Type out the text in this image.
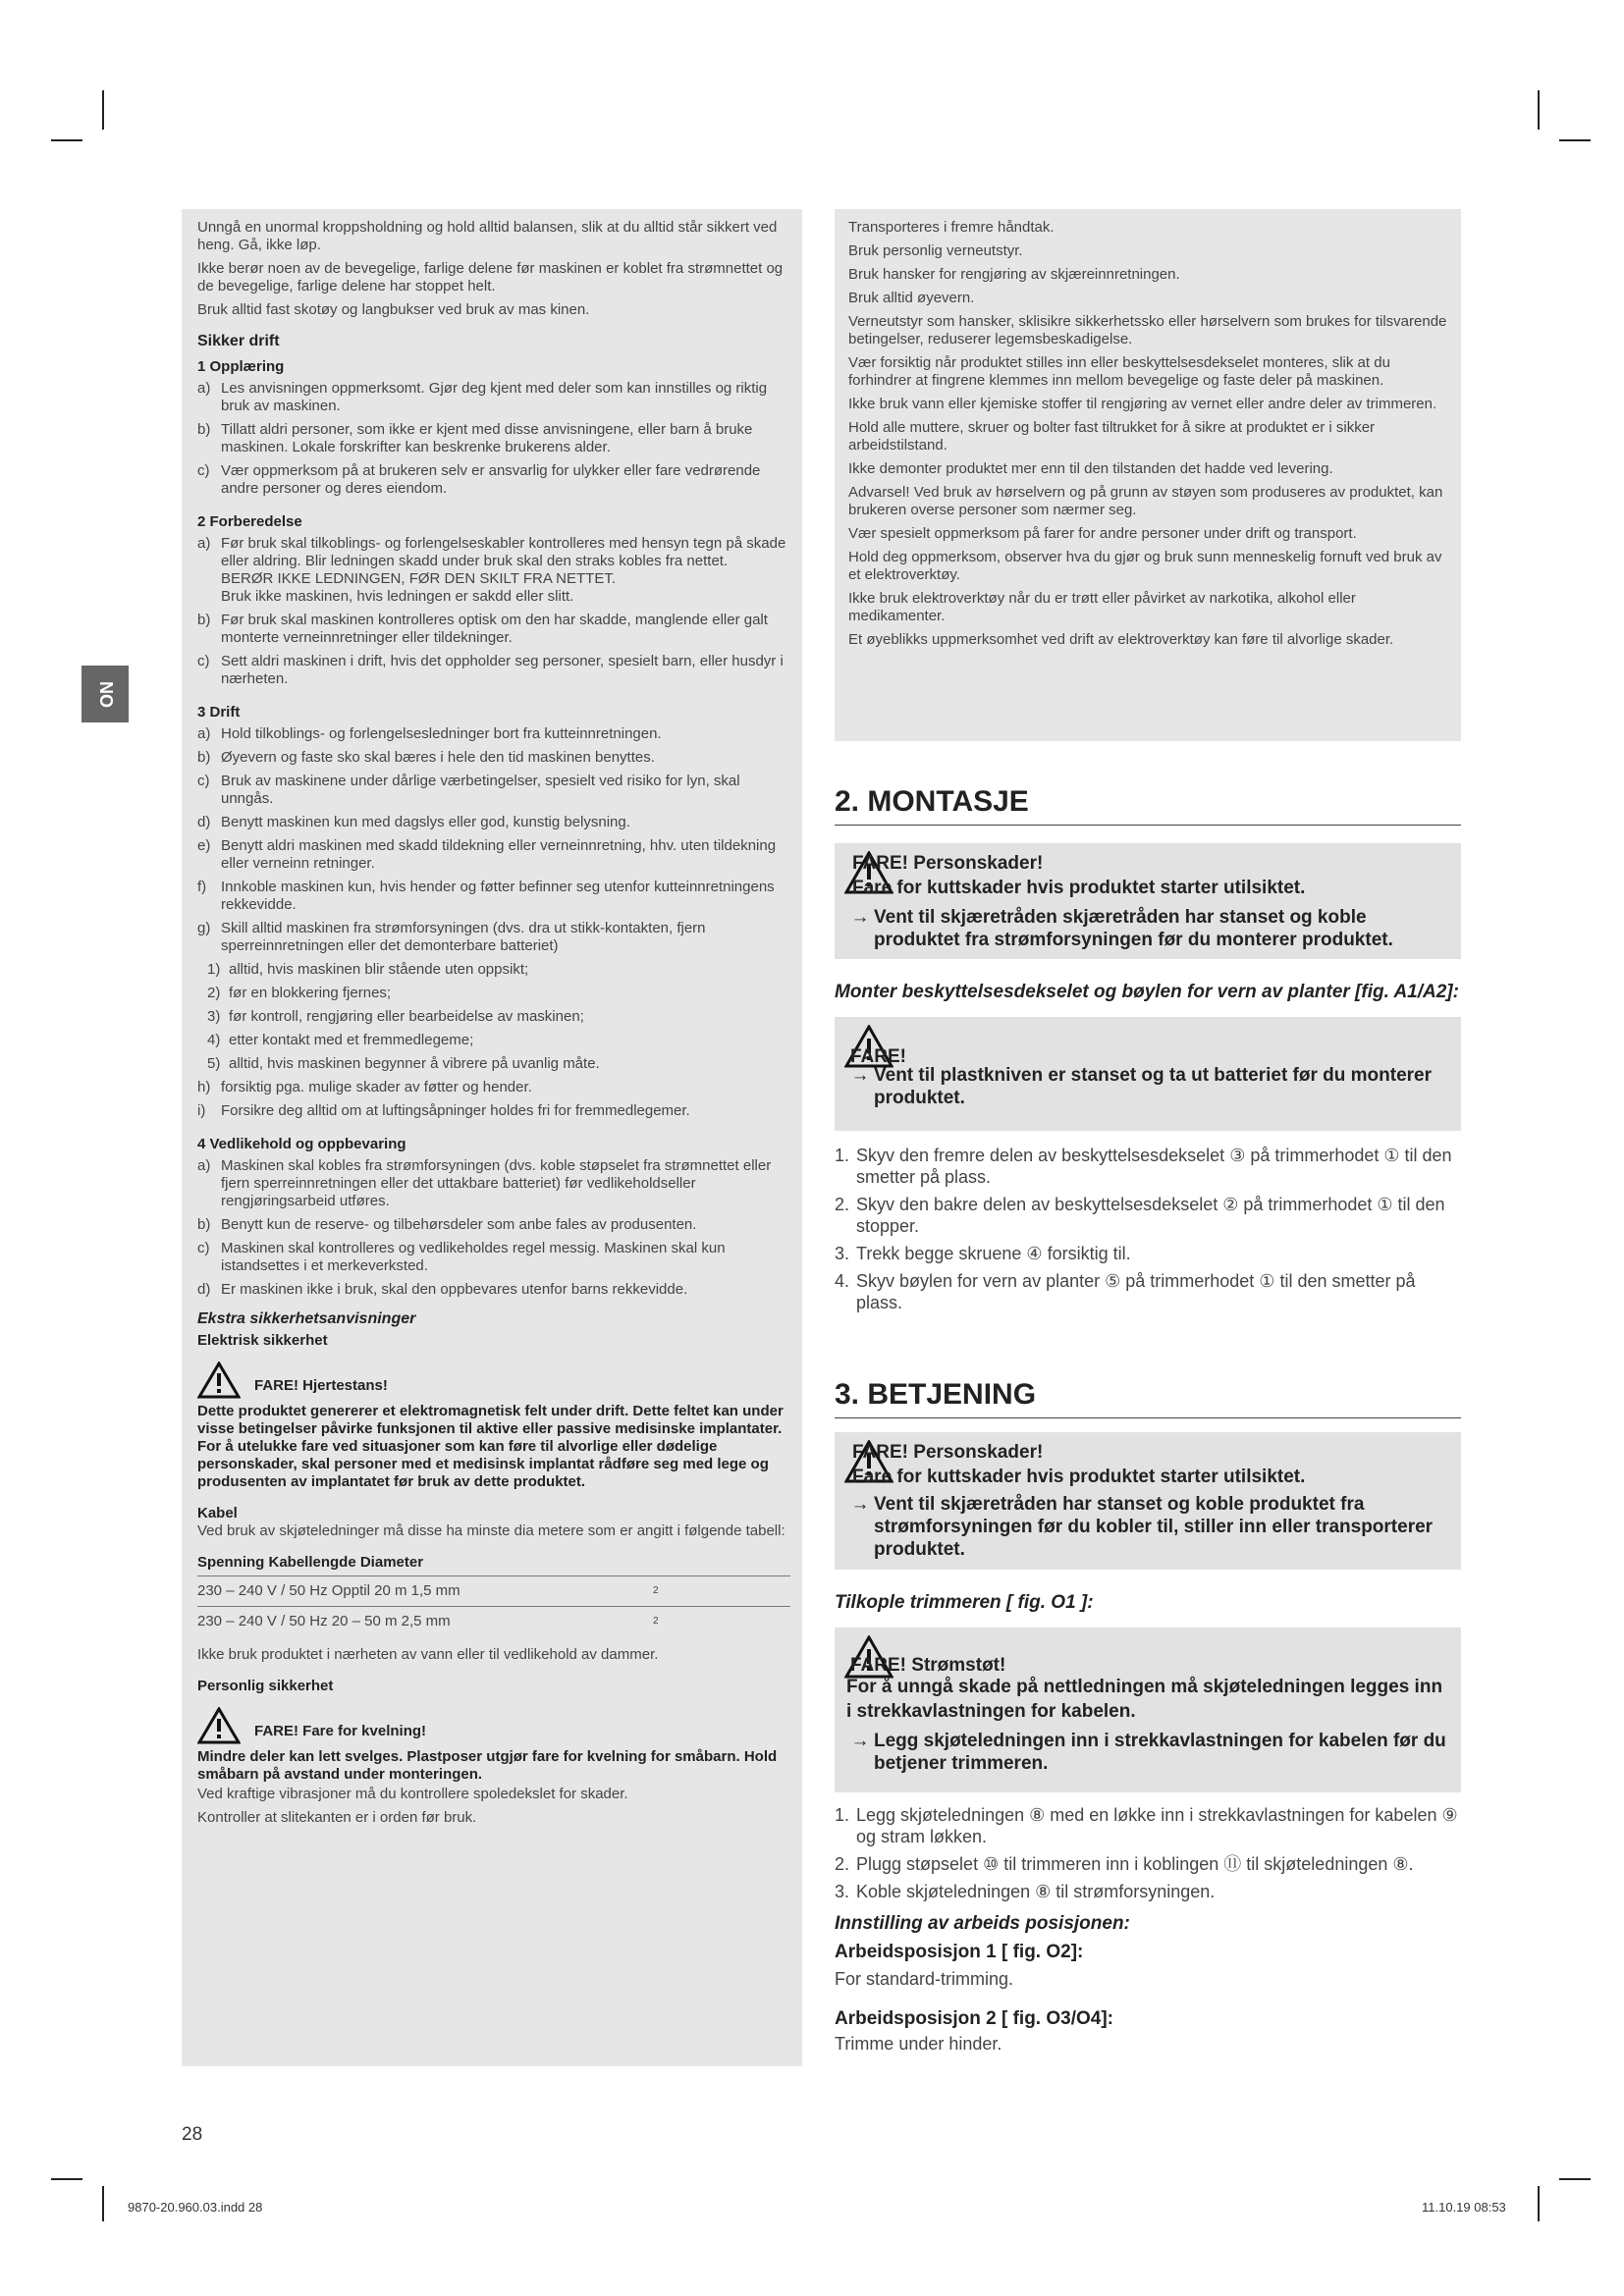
NO

Unngå en unormal kroppsholdning og hold alltid balansen, slik at du alltid står sikkert ved heng. Gå, ikke løp.

Ikke berør noen av de bevegelige, farlige delene før maskinen er koblet fra strømnettet og de bevegelige, farlige delene har stoppet helt.

Bruk alltid fast skotøy og langbukser ved bruk av mas kinen.

Sikker drift
1 Opplæring
a) Les anvisningen oppmerksomt. Gjør deg kjent med deler som kan innstilles og riktig bruk av maskinen.
b) Tillatt aldri personer, som ikke er kjent med disse anvisningene, eller barn å bruke maskinen. Lokale forskrifter kan beskrenke brukerens alder.
c) Vær oppmerksom på at brukeren selv er ansvarlig for ulykker eller fare vedrørende andre personer og deres eiendom.
2 Forberedelse
a) Før bruk skal tilkoblings- og forlengelseskabler kontrolleres med hensyn tegn på skade eller aldring. Blir ledningen skadd under bruk skal den straks kobles fra nettet.
BERØR IKKE LEDNINGEN, FØR DEN SKILT FRA NETTET.
Bruk ikke maskinen, hvis ledningen er sakdd eller slitt.
b) Før bruk skal maskinen kontrolleres optisk om den har skadde, manglende eller galt monterte verneinnretninger eller tildekninger.
c) Sett aldri maskinen i drift, hvis det oppholder seg personer, spesielt barn, eller husdyr i nærheten.
3 Drift
a) Hold tilkoblings- og forlengelsesledninger bort fra kutteinnretningen.
b) Øyevern og faste sko skal bæres i hele den tid maskinen benyttes.
c) Bruk av maskinene under dårlige værbetingelser, spesielt ved risiko for lyn, skal unngås.
d) Benytt maskinen kun med dagslys eller god, kunstig belysning.
e) Benytt aldri maskinen med skadd tildekning eller verneinnretning, hhv. uten tildekning eller verneinn retninger.
f) Innkoble maskinen kun, hvis hender og føtter befinner seg utenfor kutteinnretningens rekkevidde.
g) Skill alltid maskinen fra strømforsyningen (dvs. dra ut stikk-kontakten, fjern sperreinnretningen eller det demonterbare batteriet)
1) alltid, hvis maskinen blir stående uten oppsikt;
2) før en blokkering fjernes;
3) før kontroll, rengjøring eller bearbeidelse av maskinen;
4) etter kontakt med et fremmedlegeme;
5) alltid, hvis maskinen begynner å vibrere på uvanlig måte.
h) forsiktig pga. mulige skader av føtter og hender.
i)	Forsikre deg alltid om at luftingsåpninger holdes fri for fremmedlegemer.
4 Vedlikehold og oppbevaring
a) Maskinen skal kobles fra strømforsyningen (dvs. koble støpselet fra strømnettet eller fjern sperreinnretningen eller det uttakbare batteriet) før vedlikeholdseller rengjøringsarbeid utføres.
b) Benytt kun de reserve- og tilbehørsdeler som anbe fales av produsenten.
c) Maskinen skal kontrolleres og vedlikeholdes regel messig. Maskinen skal kun istandsettes i et merkeverksted.
d) Er maskinen ikke i bruk, skal den oppbevares utenfor barns rekkevidde.
Ekstra sikkerhetsanvisninger
Elektrisk sikkerhet
FARE! Hjertestans!

Dette produktet genererer et elektromagnetisk felt under drift. Dette feltet kan under visse betingelser påvirke funksjonen til aktive eller passive medisinske implantater. For å utelukke fare ved situasjoner som kan føre til alvorlige eller dødelige personskader, skal personer med et medisinsk implantat rådføre seg med lege og produsenten av implantatet før bruk av dette produktet.

Kabel

Ved bruk av skjøteledninger må disse ha minste dia metere som er angitt i følgende tabell:

Spenning Kabellengde Diameter
230 – 240 V / 50 Hz Opptil 20 m 1,5 mm	2
230 – 240 V / 50 Hz 20 – 50 m 2,5 mm	2

Ikke bruk produktet i nærheten av vann eller til vedlikehold av dammer.

Personlig sikkerhet
FARE! Fare for kvelning!

Mindre deler kan lett svelges. Plastposer utgjør fare for kvelning for småbarn. Hold småbarn på avstand under monteringen.

Ved kraftige vibrasjoner må du kontrollere spoledekslet for skader.

Kontroller at slitekanten er i orden før bruk.

Transporteres i fremre håndtak.

Bruk personlig verneutstyr.

Bruk hansker for rengjøring av skjæreinnretningen.

Bruk alltid øyevern.

Verneutstyr som hansker, sklisikre sikkerhetssko eller hørselvern som brukes for tilsvarende betingelser, reduserer legemsbeskadigelse.

Vær forsiktig når produktet stilles inn eller beskyttelsesdekselet monteres, slik at du forhindrer at fingrene klemmes inn mellom bevegelige og faste deler på maskinen.

Ikke bruk vann eller kjemiske stoffer til rengjøring av vernet eller andre deler av trimmeren.

Hold alle muttere, skruer og bolter fast tiltrukket for å sikre at produktet er i sikker arbeidstilstand.

Ikke demonter produktet mer enn til den tilstanden det hadde ved levering.

Advarsel! Ved bruk av hørselvern og på grunn av støyen som produseres av produktet, kan brukeren overse personer som nærmer seg.

Vær spesielt oppmerksom på farer for andre personer under drift og transport.

Hold deg oppmerksom, observer hva du gjør og bruk sunn menneskelig fornuft ved bruk av et elektroverktøy.

Ikke bruk elektroverktøy når du er trøtt eller påvirket av narkotika, alkohol eller medikamenter.

Et øyeblikks uppmerksomhet ved drift av elektroverktøy kan føre til alvorlige skader.

2. MONTASJE
FARE! Personskader!
Fare for kuttskader hvis produktet starter utilsiktet.
→ Vent til skjæretråden skjæretråden har stanset og koble produktet fra strømforsyningen før du monterer produktet.
Monter beskyttelsesdekselet og bøylen for vern av planter [fig. A1/A2]:
FARE!
→ Vent til plastkniven er stanset og ta ut batteriet før du monterer produktet.
1. Skyv den fremre delen av beskyttelsesdekselet ③ på trimmerhodet ① til den smetter på plass.
2. Skyv den bakre delen av beskyttelsesdekselet ② på trimmerhodet ① til den stopper.
3. Trekk begge skruene ④ forsiktig til.
4. Skyv bøylen for vern av planter ⑤ på trimmerhodet ① til den smetter på plass.
3. BETJENING
FARE! Personskader!
Fare for kuttskader hvis produktet starter utilsiktet.
→ Vent til skjæretråden har stanset og koble produktet fra strømforsyningen før du kobler til, stiller inn eller transporterer produktet.
Tilkople trimmeren [ fig. O1 ]:
FARE! Strømstøt!
For å unngå skade på nettledningen må skjøteledningen legges inn i strekkavlastningen for kabelen.
→ Legg skjøteledningen inn i strekkavlastningen for kabelen før du betjener trimmeren.
1. Legg skjøteledningen ⑧ med en løkke inn i strekkavlastningen for kabelen ⑨ og stram løkken.
2. Plugg støpselet ⑩ til trimmeren inn i koblingen ⑪ til skjøteledningen ⑧.
3. Koble skjøteledningen ⑧ til strømforsyningen.
Innstilling av arbeids posisjonen:
Arbeidsposisjon 1 [ fig. O2]:
For standard-trimming.
Arbeidsposisjon 2 [ fig. O3/O4]:
Trimme under hinder.
28
9870-20.960.03.indd 28	11.10.19 08:53
